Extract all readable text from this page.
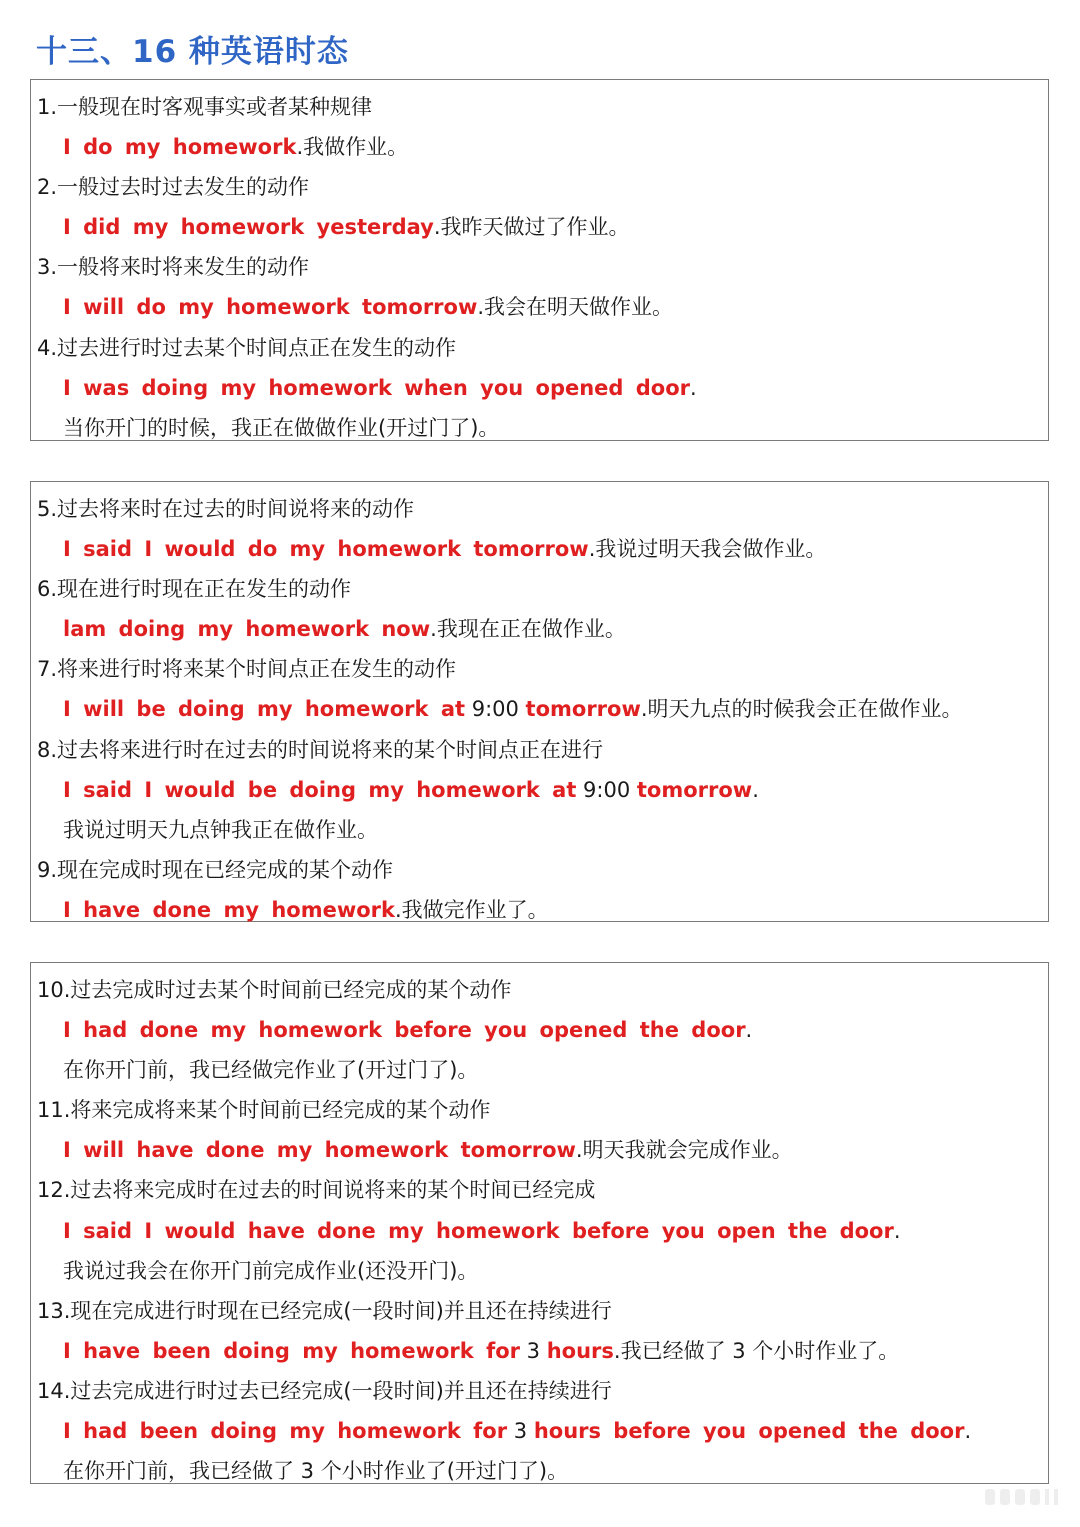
十三、16 种英语时态
1.一般现在时客观事实或者某种规律
I do my homework.我做作业。
2.一般过去时过去发生的动作
I did my homework yesterday.我昨天做过了作业。
3.一般将来时将来发生的动作
I will do my homework tomorrow.我会在明天做作业。
4.过去进行时过去某个时间点正在发生的动作
I was doing my homework when you opened door.
当你开门的时候，我正在做做作业(开过门了)。
5.过去将来时在过去的时间说将来的动作
I said I would do my homework tomorrow.我说过明天我会做作业。
6.现在进行时现在正在发生的动作
lam doing my homework now.我现在正在做作业。
7.将来进行时将来某个时间点正在发生的动作
I will be doing my homework at 9:00 tomorrow.明天九点的时候我会正在做作业。
8.过去将来进行时在过去的时间说将来的某个时间点正在进行
I said I would be doing my homework at 9:00 tomorrow.
我说过明天九点钟我正在做作业。
9.现在完成时现在已经完成的某个动作
I have done my homework.我做完作业了。
10.过去完成时过去某个时间前已经完成的某个动作
I had done my homework before you opened the door.
在你开门前，我已经做完作业了(开过门了)。
11.将来完成将来某个时间前已经完成的某个动作
I will have done my homework tomorrow.明天我就会完成作业。
12.过去将来完成时在过去的时间说将来的某个时间已经完成
I said I would have done my homework before you open the door.
我说过我会在你开门前完成作业(还没开门)。
13.现在完成进行时现在已经完成(一段时间)并且还在持续进行
I have been doing my homework for 3 hours.我已经做了 3 个小时作业了。
14.过去完成进行时过去已经完成(一段时间)并且还在持续进行
I had been doing my homework for 3 hours before you opened the door.
在你开门前，我已经做了 3 个小时作业了(开过门了)。
